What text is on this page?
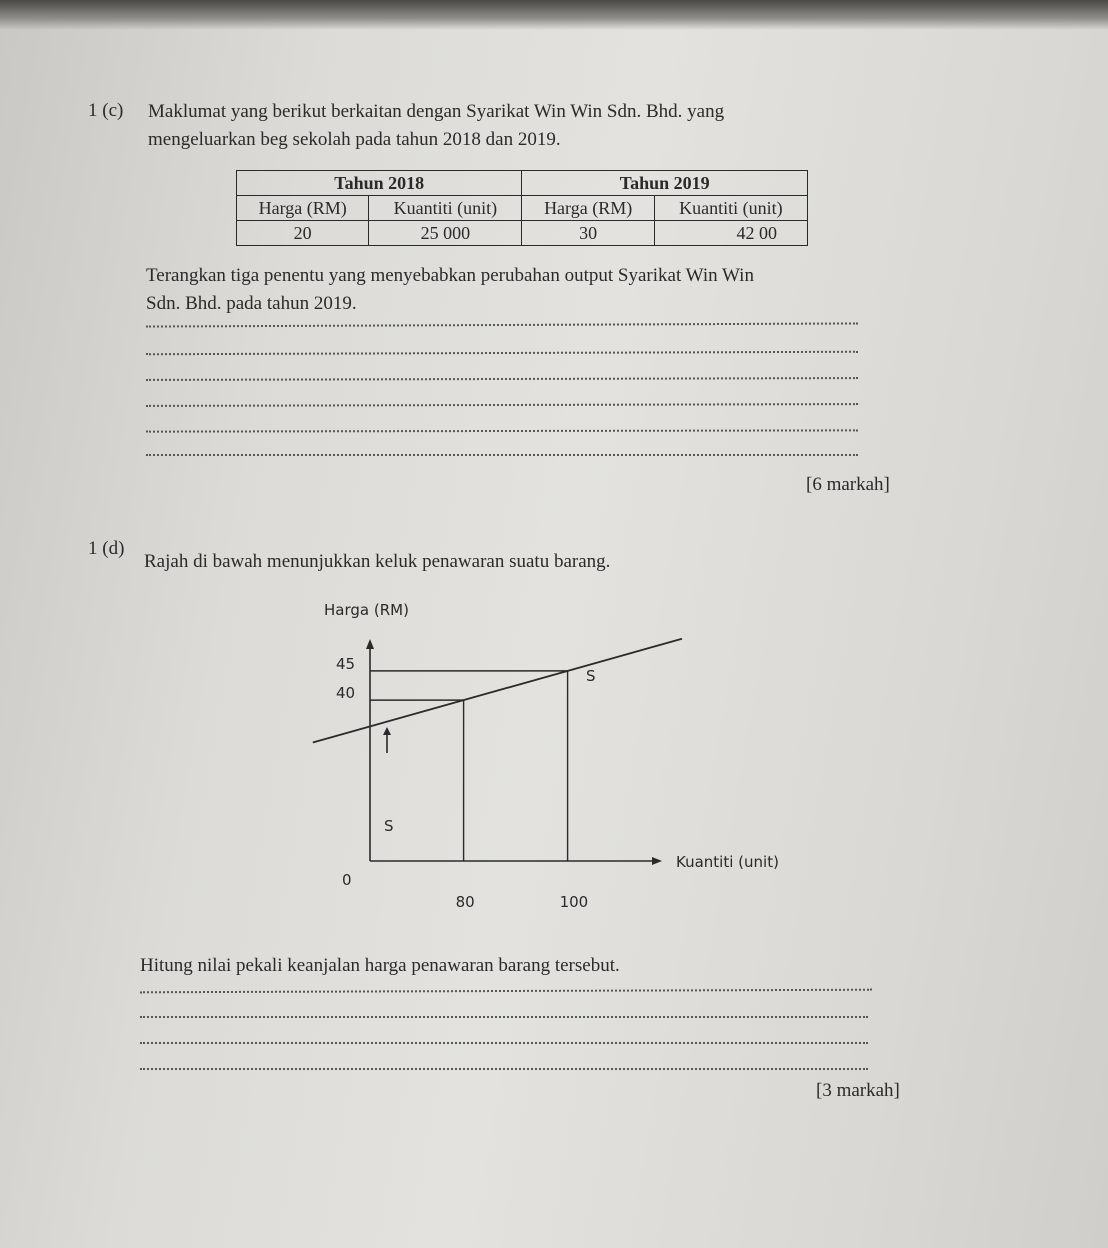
1 (c) Maklumat yang berikut berkaitan dengan Syarikat Win Win Sdn. Bhd. yang
mengeluarkan beg sekolah pada tahun 2018 dan 2019.
Tahun 2018		Tahun 2019	
Harga (RM)	Kuantiti (unit)	Harga (RM)	Kuantiti (unit)
20	25 000	30	42 00
Terangkan tiga penentu yang menyebabkan perubahan output Syarikat Win Win
Sdn. Bhd. pada tahun 2019.
[6 markah]
1 (d)
Rajah di bawah menunjukkan keluk penawaran suatu barang.
Harga (RM)
Kuantiti (unit)
0
80	100
45
40
S
S
Hitung nilai pekali keanjalan harga penawaran barang tersebut.
[3 markah]
